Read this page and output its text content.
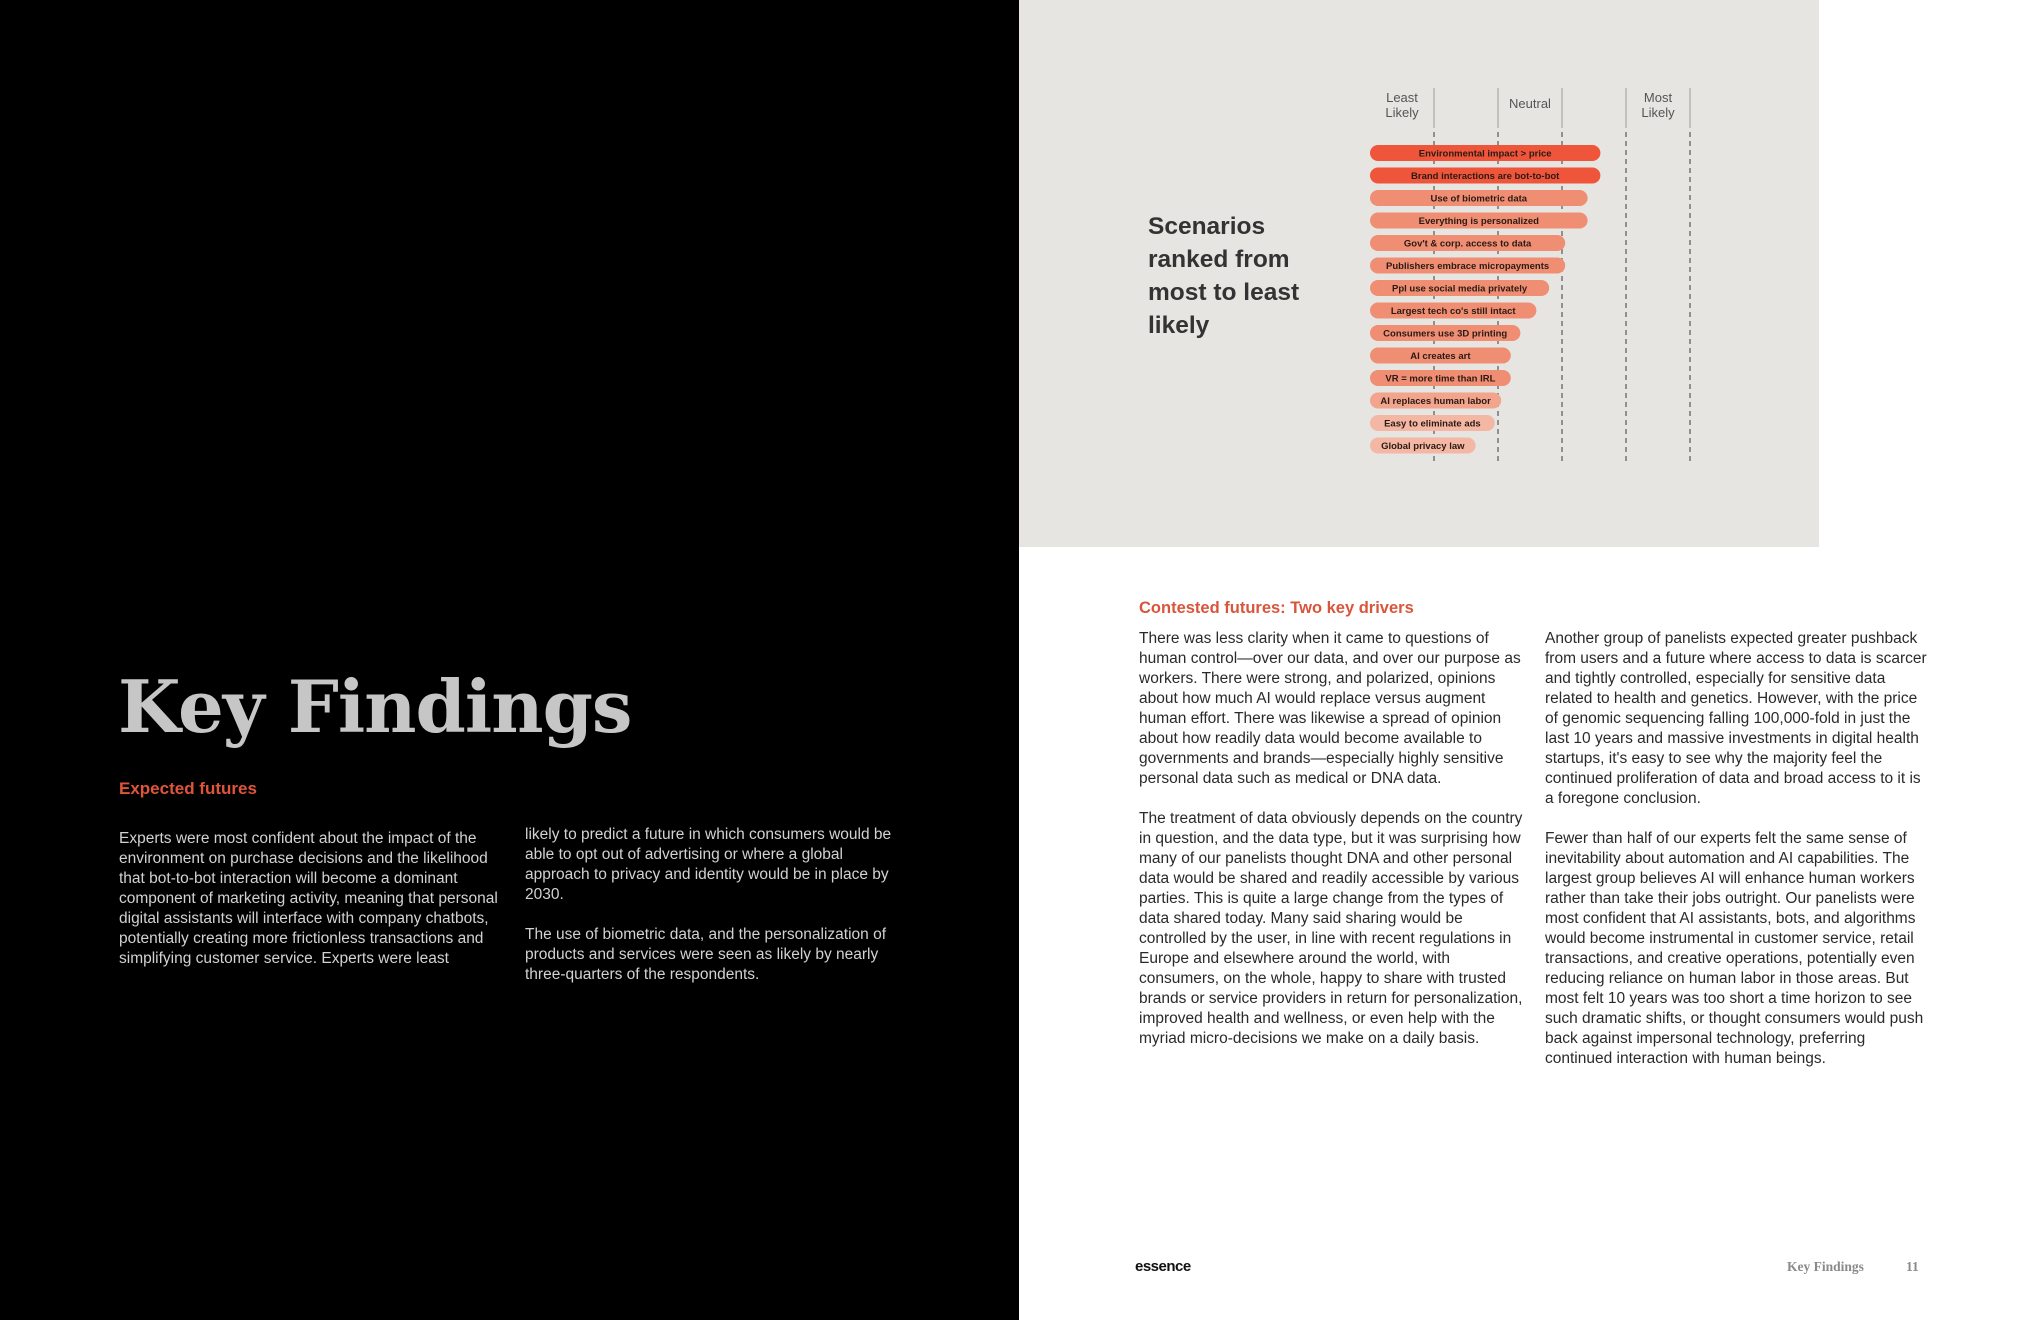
Key Findings
Expected futures

Experts were most confident about the impact of the environment on purchase decisions and the likelihood that bot-to-bot interaction will become a dominant component of marketing activity, meaning that personal digital assistants will interface with company chatbots, potentially creating more frictionless transactions and simplifying customer service. Experts were least

likely to predict a future in which consumers would be able to opt out of advertising or where a global approach to privacy and identity would be in place by 2030.

The use of biometric data, and the personalization of products and services were seen as likely by nearly three-quarters of the respondents.

Scenarios ranked from most to least likely
Least Likely
Neutral	Most Likely
Environmental impact > price
Brand interactions are bot-to-bot
Use of biometric data
Everything is personalized
Gov't & corp. access to data
Publishers embrace micropayments
Ppl use social media privately
Largest tech co's still intact
Consumers use 3D printing
AI creates art
VR = more time than IRL
AI replaces human labor
Easy to eliminate ads
Global privacy law
Contested futures: Two key drivers

There was less clarity when it came to questions of human control—over our data, and over our purpose as workers. There were strong, and polarized, opinions about how much AI would replace versus augment human effort. There was likewise a spread of opinion about how readily data would become available to governments and brands—especially highly sensitive personal data such as medical or DNA data.

The treatment of data obviously depends on the country in question, and the data type, but it was surprising how many of our panelists thought DNA and other personal data would be shared and readily accessible by various parties. This is quite a large change from the types of data shared today. Many said sharing would be controlled by the user, in line with recent regulations in Europe and elsewhere around the world, with consumers, on the whole, happy to share with trusted brands or service providers in return for personalization, improved health and wellness, or even help with the myriad micro-decisions we make on a daily basis.

Another group of panelists expected greater pushback from users and a future where access to data is scarcer and tightly controlled, especially for sensitive data related to health and genetics. However, with the price of genomic sequencing falling 100,000-fold in just the last 10 years and massive investments in digital health startups, it's easy to see why the majority feel the continued proliferation of data and broad access to it is a foregone conclusion.

Fewer than half of our experts felt the same sense of inevitability about automation and AI capabilities. The largest group believes AI will enhance human workers rather than take their jobs outright. Our panelists were most confident that AI assistants, bots, and algorithms would become instrumental in customer service, retail transactions, and creative operations, potentially even reducing reliance on human labor in those areas. But most felt 10 years was too short a time horizon to see such dramatic shifts, or thought consumers would push back against impersonal technology, preferring continued interaction with human beings.

essence	Key Findings	11
